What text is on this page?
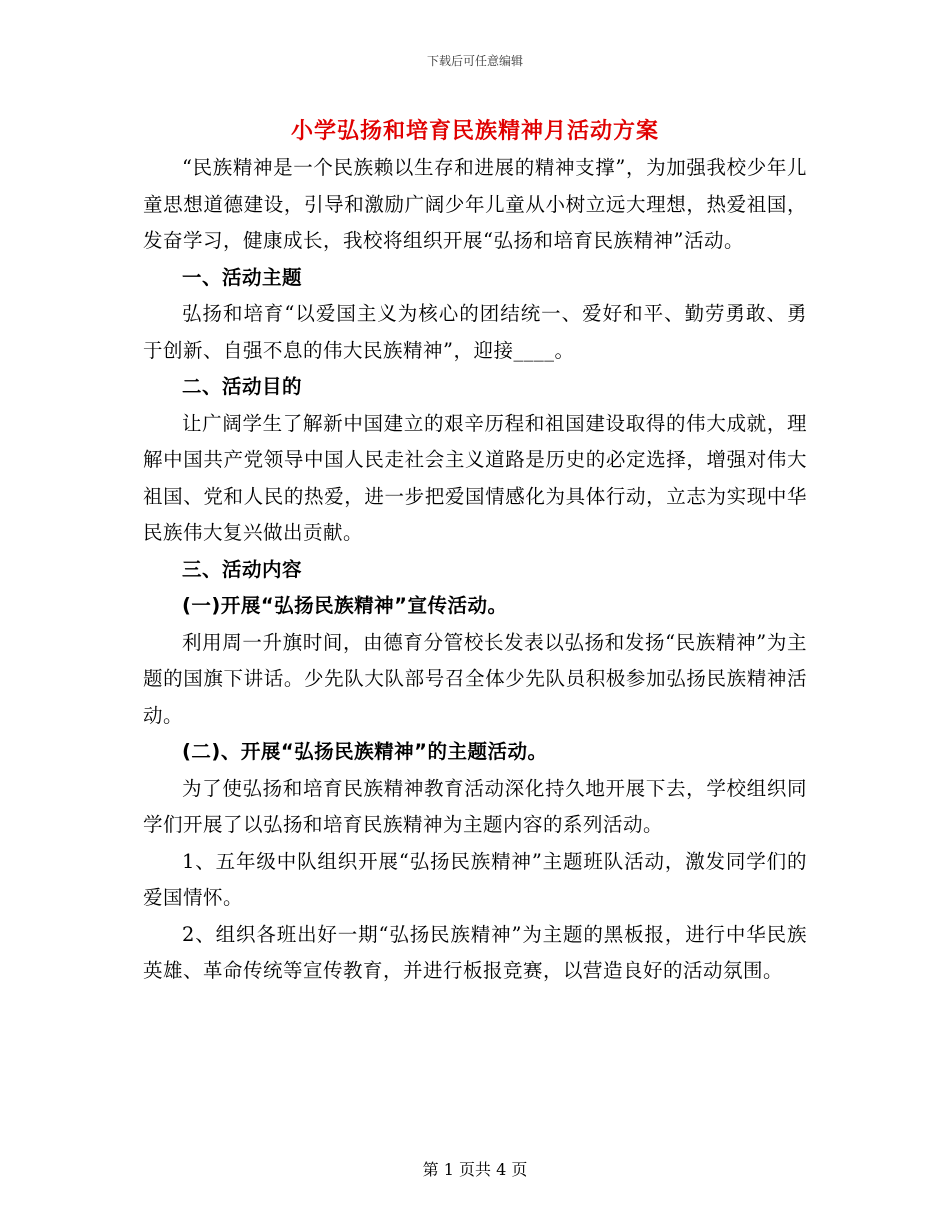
下载后可任意编辑
小学弘扬和培育民族精神月活动方案

“民族精神是一个民族赖以生存和进展的精神支撑”，为加强我校少年儿童思想道德建设，引导和激励广阔少年儿童从小树立远大理想，热爱祖国，发奋学习，健康成长，我校将组织开展“弘扬和培育民族精神”活动。

一、活动主题

弘扬和培育“以爱国主义为核心的团结统一、爱好和平、勤劳勇敢、勇于创新、自强不息的伟大民族精神”，迎接____。

二、活动目的

让广阔学生了解新中国建立的艰辛历程和祖国建设取得的伟大成就，理解中国共产党领导中国人民走社会主义道路是历史的必定选择，增强对伟大祖国、党和人民的热爱，进一步把爱国情感化为具体行动，立志为实现中华民族伟大复兴做出贡献。

三、活动内容

(一)开展“弘扬民族精神”宣传活动。

利用周一升旗时间，由德育分管校长发表以弘扬和发扬“民族精神”为主题的国旗下讲话。少先队大队部号召全体少先队员积极参加弘扬民族精神活动。

(二)、开展“弘扬民族精神”的主题活动。

为了使弘扬和培育民族精神教育活动深化持久地开展下去，学校组织同学们开展了以弘扬和培育民族精神为主题内容的系列活动。

1、五年级中队组织开展“弘扬民族精神”主题班队活动，激发同学们的爱国情怀。

2、组织各班出好一期“弘扬民族精神”为主题的黑板报，进行中华民族英雄、革命传统等宣传教育，并进行板报竞赛，以营造良好的活动氛围。

第 1 页共 4 页
